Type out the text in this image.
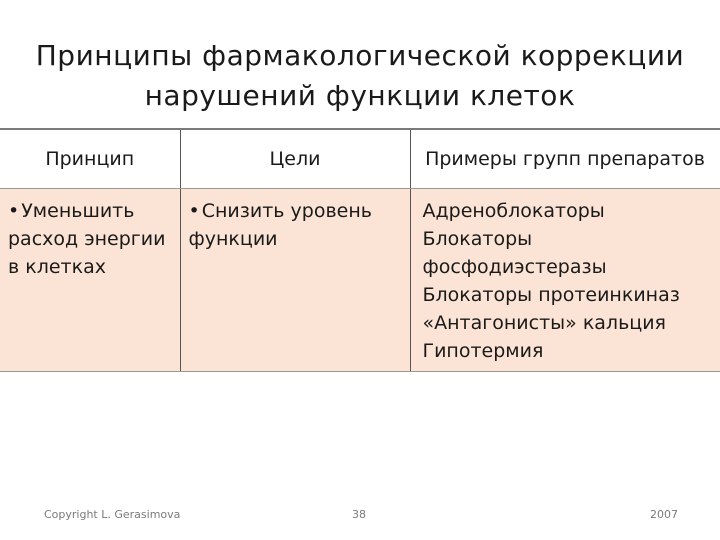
Принципы фармакологической коррекции
нарушений функции клеток
Принцип	Цели	Примеры групп препаратов
• Уменьшить расход энергии в клетках	• Снизить уровень функции	Адреноблокаторы
Блокаторы фосфодиэстеразы
Блокаторы протеинкиназ
«Антагонисты» кальция
Гипотермия
Copyright L. Gerasimova	38	2007
